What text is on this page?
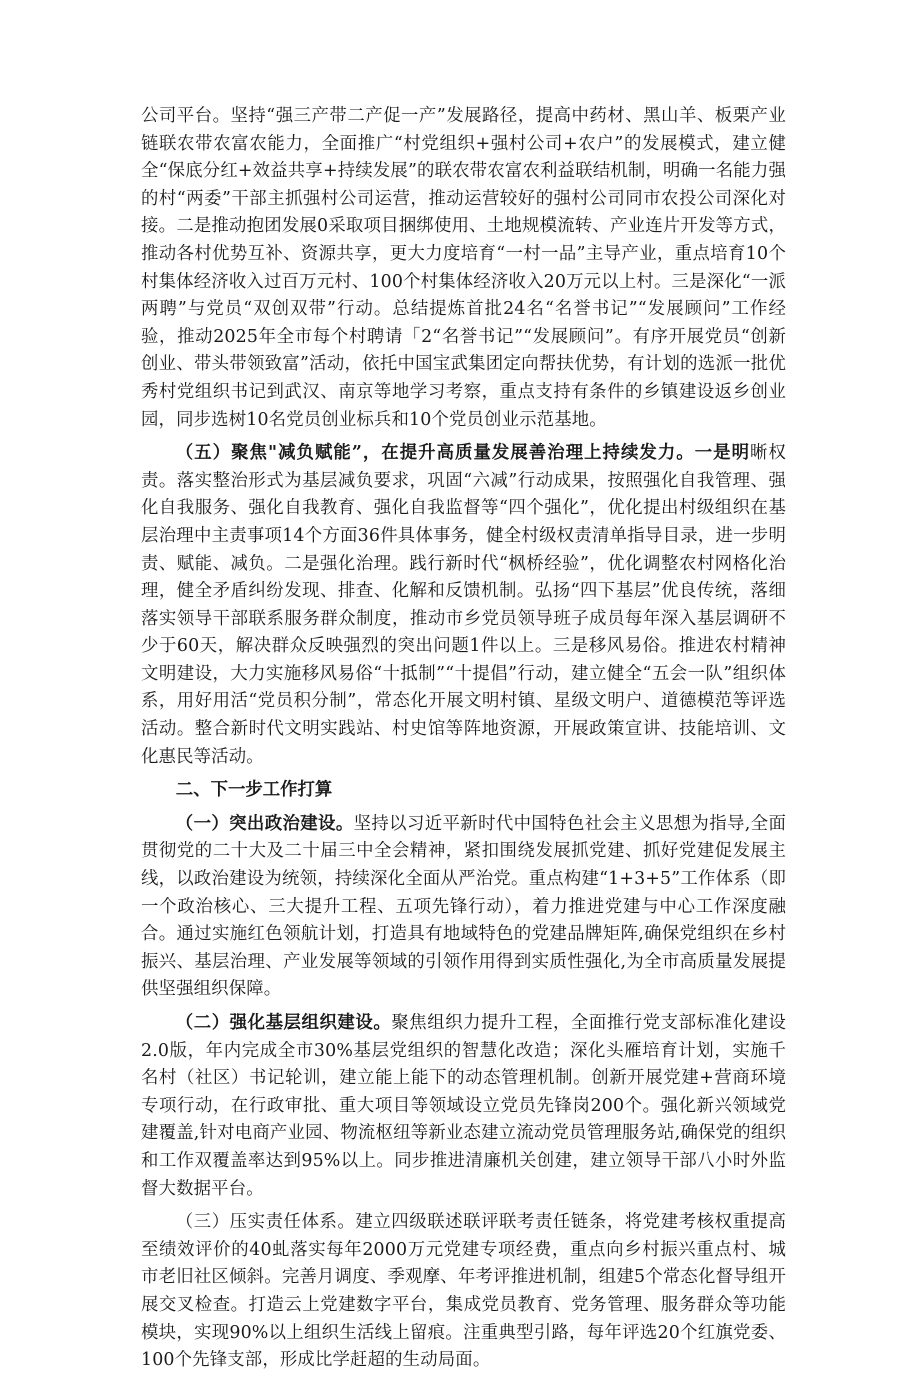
公司平台。坚持“强三产带二产促一产”发展路径，提高中药材、黑山羊、板栗产业链联农带农富农能力，全面推广“村党组织+强村公司+农户”的发展模式，建立健全“保底分红+效益共享+持续发展”的联农带农富农利益联结机制，明确一名能力强的村“两委”干部主抓强村公司运营，推动运营较好的强村公司同市农投公司深化对接。二是推动抱团发展0采取项目捆绑使用、土地规模流转、产业连片开发等方式，推动各村优势互补、资源共享，更大力度培育“一村一品”主导产业，重点培育10个村集体经济收入过百万元村、100个村集体经济收入20万元以上村。三是深化“一派两聘”与党员“双创双带”行动。总结提炼首批24名“名誉书记”“发展顾问”工作经验，推动2025年全市每个村聘请「2“名誉书记”“发展顾问”。有序开展党员“创新创业、带头带领致富”活动，依托中国宝武集团定向帮扶优势，有计划的选派一批优秀村党组织书记到武汉、南京等地学习考察，重点支持有条件的乡镇建设返乡创业园，同步选树10名党员创业标兵和10个党员创业示范基地。

（五）聚焦"减负赋能”，在提升高质量发展善治理上持续发力。一是明晰权责。落实整治形式为基层减负要求，巩固“六减”行动成果，按照强化自我管理、强化自我服务、强化自我教育、强化自我监督等“四个强化”，优化提出村级组织在基层治理中主责事项14个方面36件具体事务，健全村级权责清单指导目录，进一步明责、赋能、减负。二是强化治理。践行新时代“枫桥经验”，优化调整农村网格化治理，健全矛盾纠纷发现、排查、化解和反馈机制。弘扬“四下基层”优良传统，落细落实领导干部联系服务群众制度，推动市乡党员领导班子成员每年深入基层调研不少于60天，解决群众反映强烈的突出问题1件以上。三是移风易俗。推进农村精神文明建设，大力实施移风易俗“十抵制”“十提倡”行动，建立健全“五会一队”组织体系，用好用活“党员积分制”，常态化开展文明村镇、星级文明户、道德模范等评选活动。整合新时代文明实践站、村史馆等阵地资源，开展政策宣讲、技能培训、文化惠民等活动。

二、下一步工作打算

（一）突出政治建设。坚持以习近平新时代中国特色社会主义思想为指导,全面贯彻党的二十大及二十届三中全会精神，紧扣围绕发展抓党建、抓好党建促发展主线，以政治建设为统领，持续深化全面从严治党。重点构建“1+3+5”工作体系（即一个政治核心、三大提升工程、五项先锋行动），着力推进党建与中心工作深度融合。通过实施红色领航计划，打造具有地域特色的党建品牌矩阵,确保党组织在乡村振兴、基层治理、产业发展等领域的引领作用得到实质性强化,为全市高质量发展提供坚强组织保障。

（二）强化基层组织建设。聚焦组织力提升工程，全面推行党支部标准化建设2.0版，年内完成全市30%基层党组织的智慧化改造；深化头雁培育计划，实施千名村（社区）书记轮训，建立能上能下的动态管理机制。创新开展党建+营商环境专项行动，在行政审批、重大项目等领域设立党员先锋岗200个。强化新兴领域党建覆盖,针对电商产业园、物流枢纽等新业态建立流动党员管理服务站,确保党的组织和工作双覆盖率达到95%以上。同步推进清廉机关创建，建立领导干部八小时外监督大数据平台。

（三）压实责任体系。建立四级联述联评联考责任链条，将党建考核权重提高至绩效评价的40虬落实每年2000万元党建专项经费，重点向乡村振兴重点村、城市老旧社区倾斜。完善月调度、季观摩、年考评推进机制，组建5个常态化督导组开展交叉检查。打造云上党建数字平台，集成党员教育、党务管理、服务群众等功能模块，实现90%以上组织生活线上留痕。注重典型引路，每年评选20个红旗党委、100个先锋支部，形成比学赶超的生动局面。
